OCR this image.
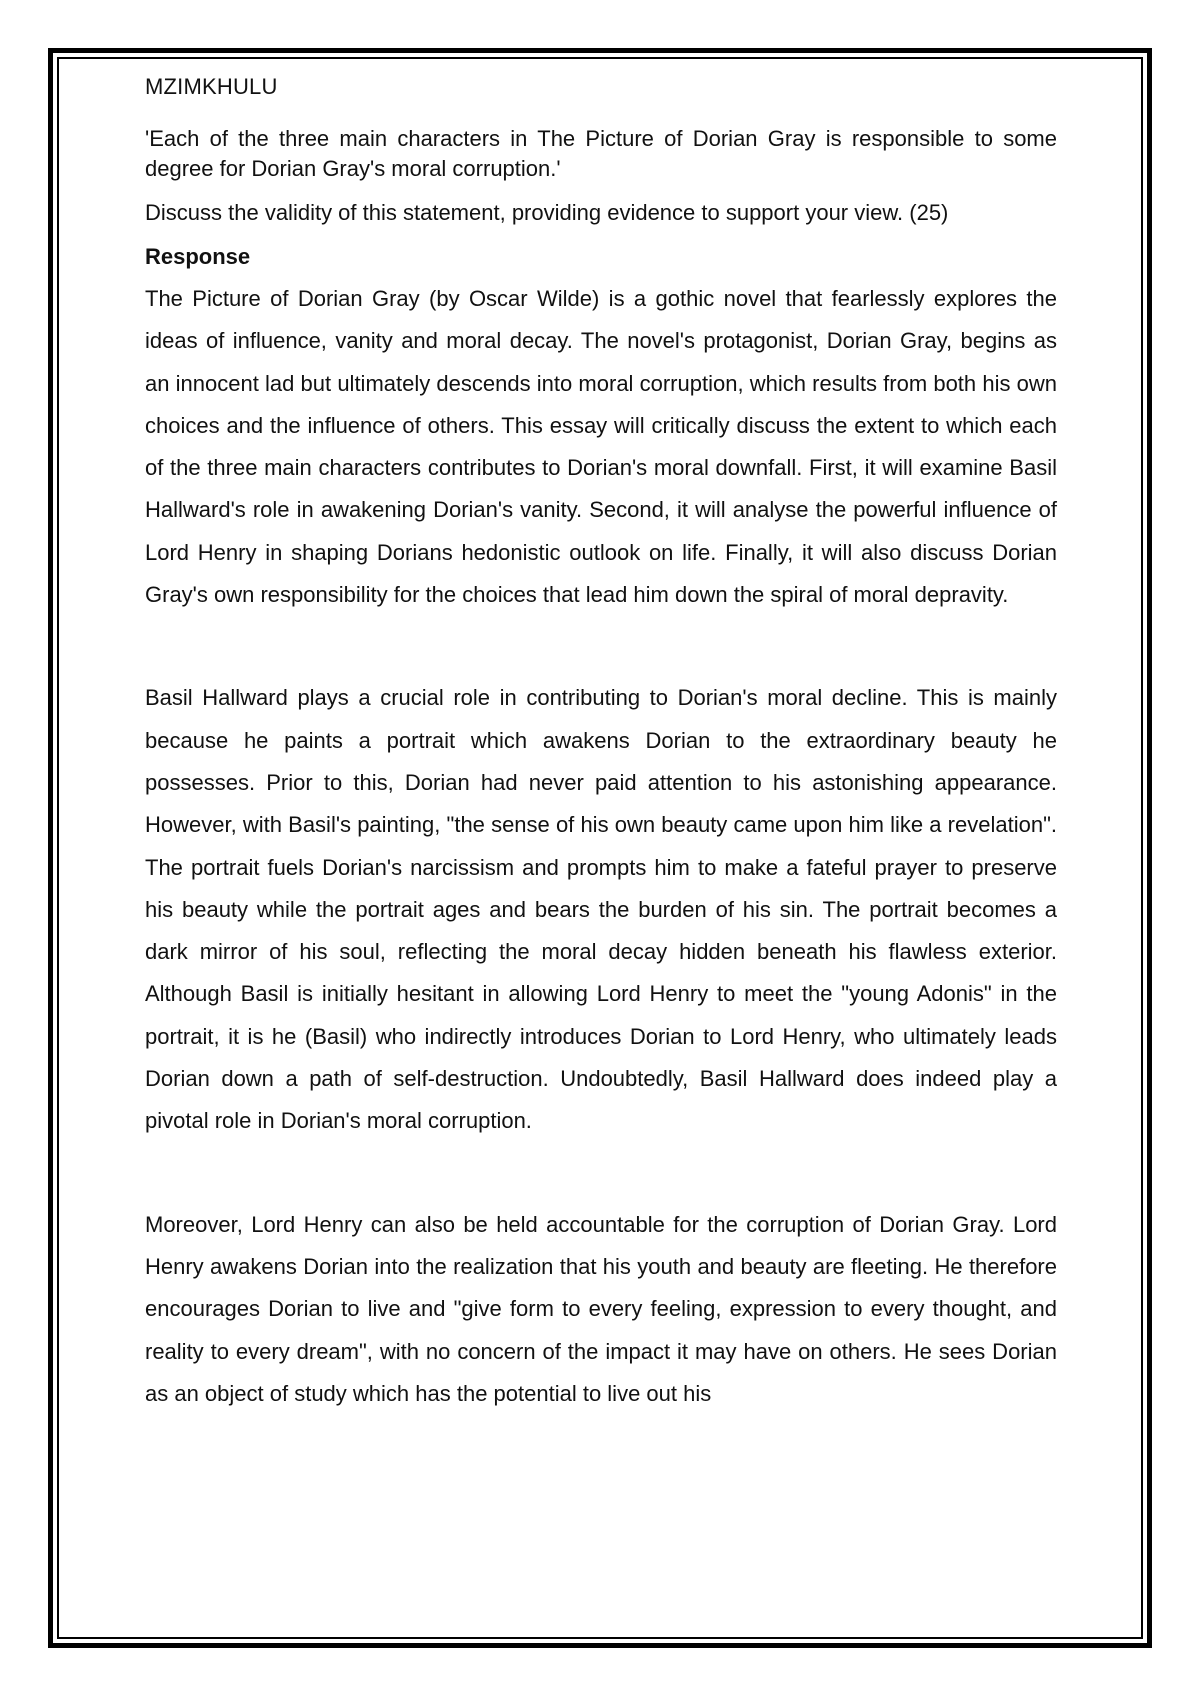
MZIMKHULU

'Each of the three main characters in The Picture of Dorian Gray is responsible to some degree for Dorian Gray's moral corruption.'

Discuss the validity of this statement, providing evidence to support your view. (25)

Response

The Picture of Dorian Gray (by Oscar Wilde) is a gothic novel that fearlessly explores the ideas of influence, vanity and moral decay. The novel's protagonist, Dorian Gray, begins as an innocent lad but ultimately descends into moral corruption, which results from both his own choices and the influence of others. This essay will critically discuss the extent to which each of the three main characters contributes to Dorian's moral downfall. First, it will examine Basil Hallward's role in awakening Dorian's vanity. Second, it will analyse the powerful influence of Lord Henry in shaping Dorians hedonistic outlook on life. Finally, it will also discuss Dorian Gray's own responsibility for the choices that lead him down the spiral of moral depravity.

Basil Hallward plays a crucial role in contributing to Dorian's moral decline. This is mainly because he paints a portrait which awakens Dorian to the extraordinary beauty he possesses. Prior to this, Dorian had never paid attention to his astonishing appearance. However, with Basil's painting, "the sense of his own beauty came upon him like a revelation". The portrait fuels Dorian's narcissism and prompts him to make a fateful prayer to preserve his beauty while the portrait ages and bears the burden of his sin. The portrait becomes a dark mirror of his soul, reflecting the moral decay hidden beneath his flawless exterior. Although Basil is initially hesitant in allowing Lord Henry to meet the "young Adonis" in the portrait, it is he (Basil) who indirectly introduces Dorian to Lord Henry, who ultimately leads Dorian down a path of self-destruction. Undoubtedly, Basil Hallward does indeed play a pivotal role in Dorian's moral corruption.

Moreover, Lord Henry can also be held accountable for the corruption of Dorian Gray. Lord Henry awakens Dorian into the realization that his youth and beauty are fleeting. He therefore encourages Dorian to live and "give form to every feeling, expression to every thought, and reality to every dream", with no concern of the impact it may have on others. He sees Dorian as an object of study which has the potential to live out his
